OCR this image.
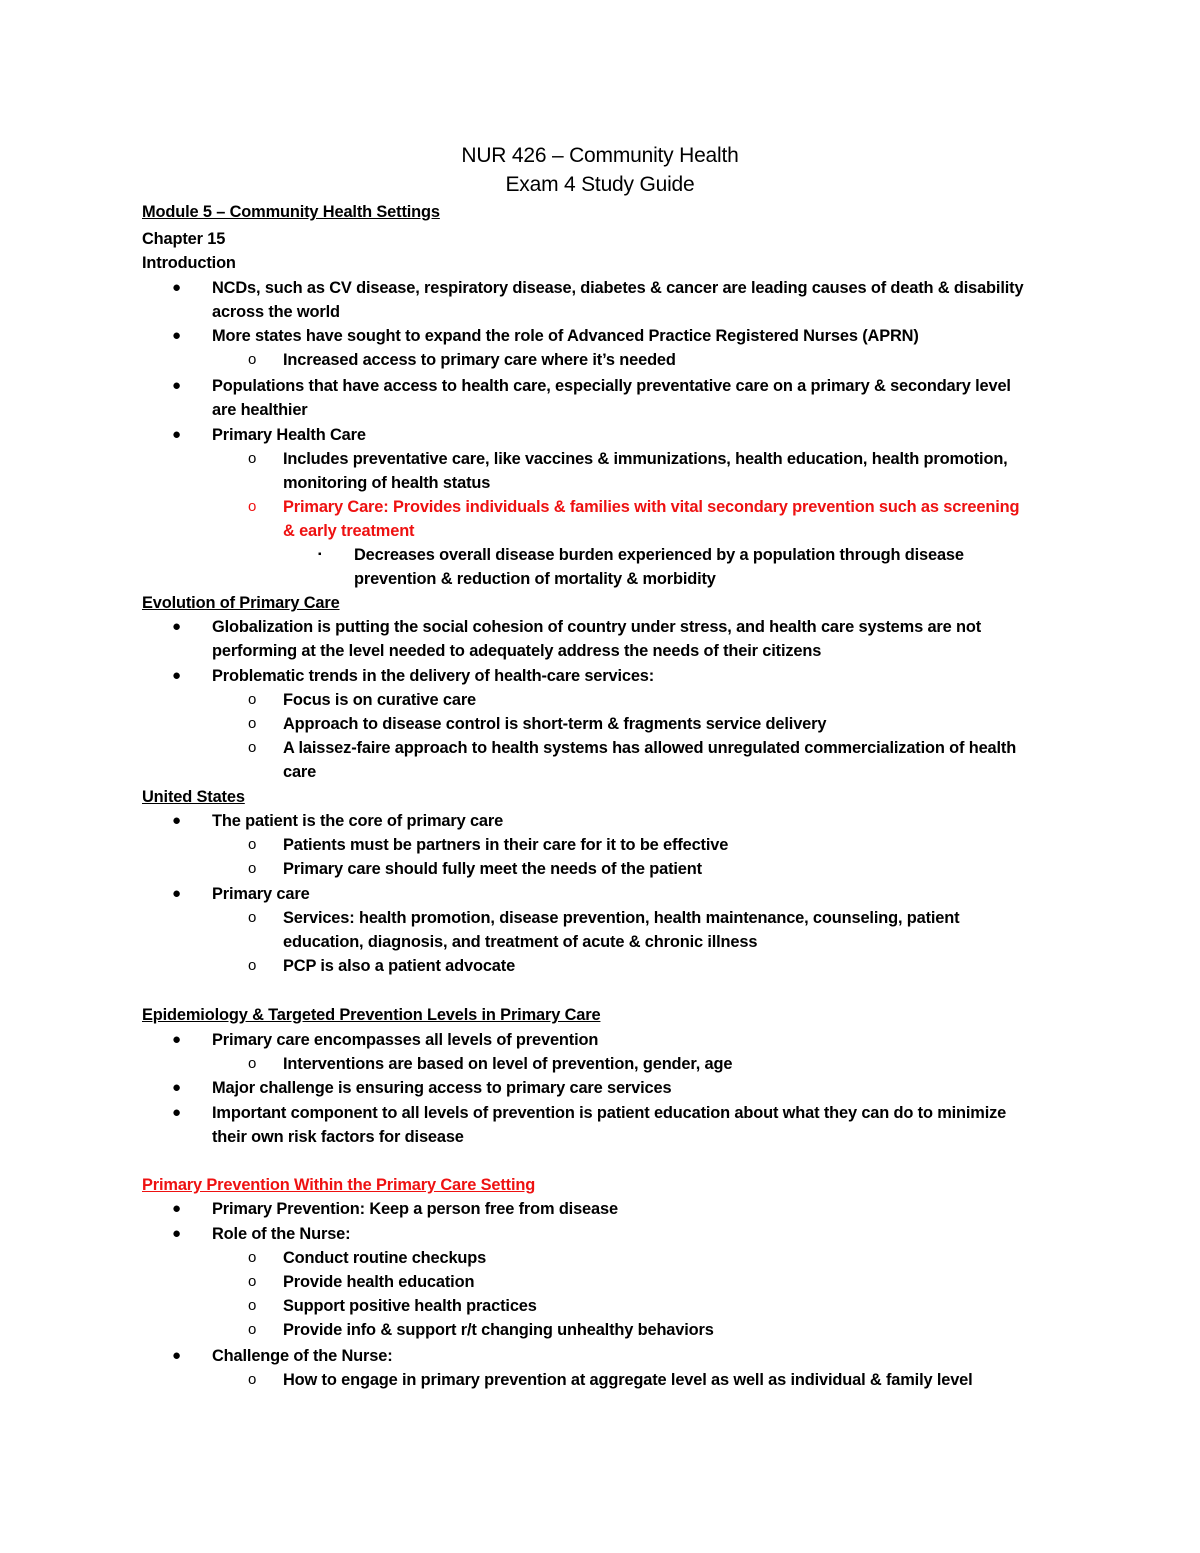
NUR 426 – Community Health
Exam 4 Study Guide
Module 5 – Community Health Settings
Chapter 15
Introduction
● NCDs, such as CV disease, respiratory disease, diabetes & cancer are leading causes of death & disability
across the world
● More states have sought to expand the role of Advanced Practice Registered Nurses (APRN)
o Increased access to primary care where it’s needed
● Populations that have access to health care, especially preventative care on a primary & secondary level
are healthier
● Primary Health Care
o Includes preventative care, like vaccines & immunizations, health education, health promotion,
monitoring of health status
o Primary Care: Provides individuals & families with vital secondary prevention such as screening
& early treatment
▪ Decreases overall disease burden experienced by a population through disease
prevention & reduction of mortality & morbidity
Evolution of Primary Care
● Globalization is putting the social cohesion of country under stress, and health care systems are not
performing at the level needed to adequately address the needs of their citizens
● Problematic trends in the delivery of health-care services:
o Focus is on curative care
o Approach to disease control is short-term & fragments service delivery
o A laissez-faire approach to health systems has allowed unregulated commercialization of health
care
United States
● The patient is the core of primary care
o Patients must be partners in their care for it to be effective
o Primary care should fully meet the needs of the patient
● Primary care
o Services: health promotion, disease prevention, health maintenance, counseling, patient
education, diagnosis, and treatment of acute & chronic illness
o PCP is also a patient advocate
Epidemiology & Targeted Prevention Levels in Primary Care
● Primary care encompasses all levels of prevention
o Interventions are based on level of prevention, gender, age
● Major challenge is ensuring access to primary care services
● Important component to all levels of prevention is patient education about what they can do to minimize
their own risk factors for disease
Primary Prevention Within the Primary Care Setting
● Primary Prevention: Keep a person free from disease
● Role of the Nurse:
o Conduct routine checkups
o Provide health education
o Support positive health practices
o Provide info & support r/t changing unhealthy behaviors
● Challenge of the Nurse:
o How to engage in primary prevention at aggregate level as well as individual & family level
